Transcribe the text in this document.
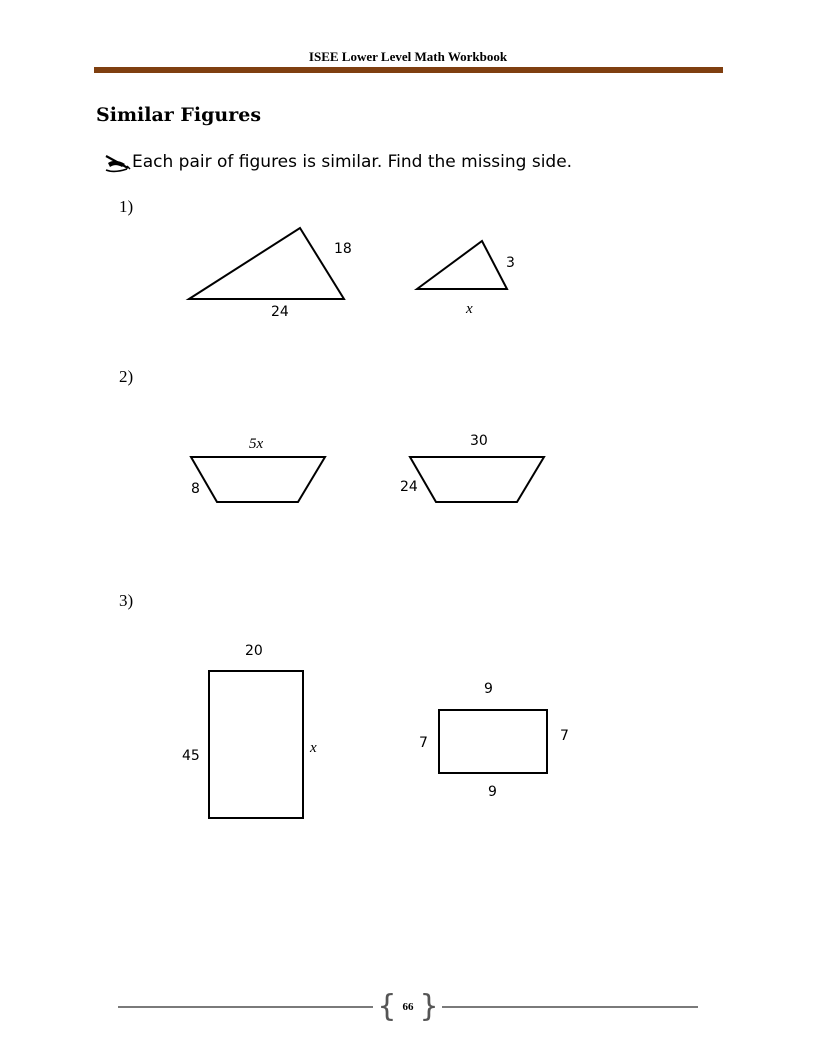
ISEE Lower Level Math Workbook
Similar Figures
Each pair of figures is similar. Find the missing side.
1)
2)
3)
18
24
3
x
5x
8
30
24
20
45	x
9
7	7
9
{ 66 }
